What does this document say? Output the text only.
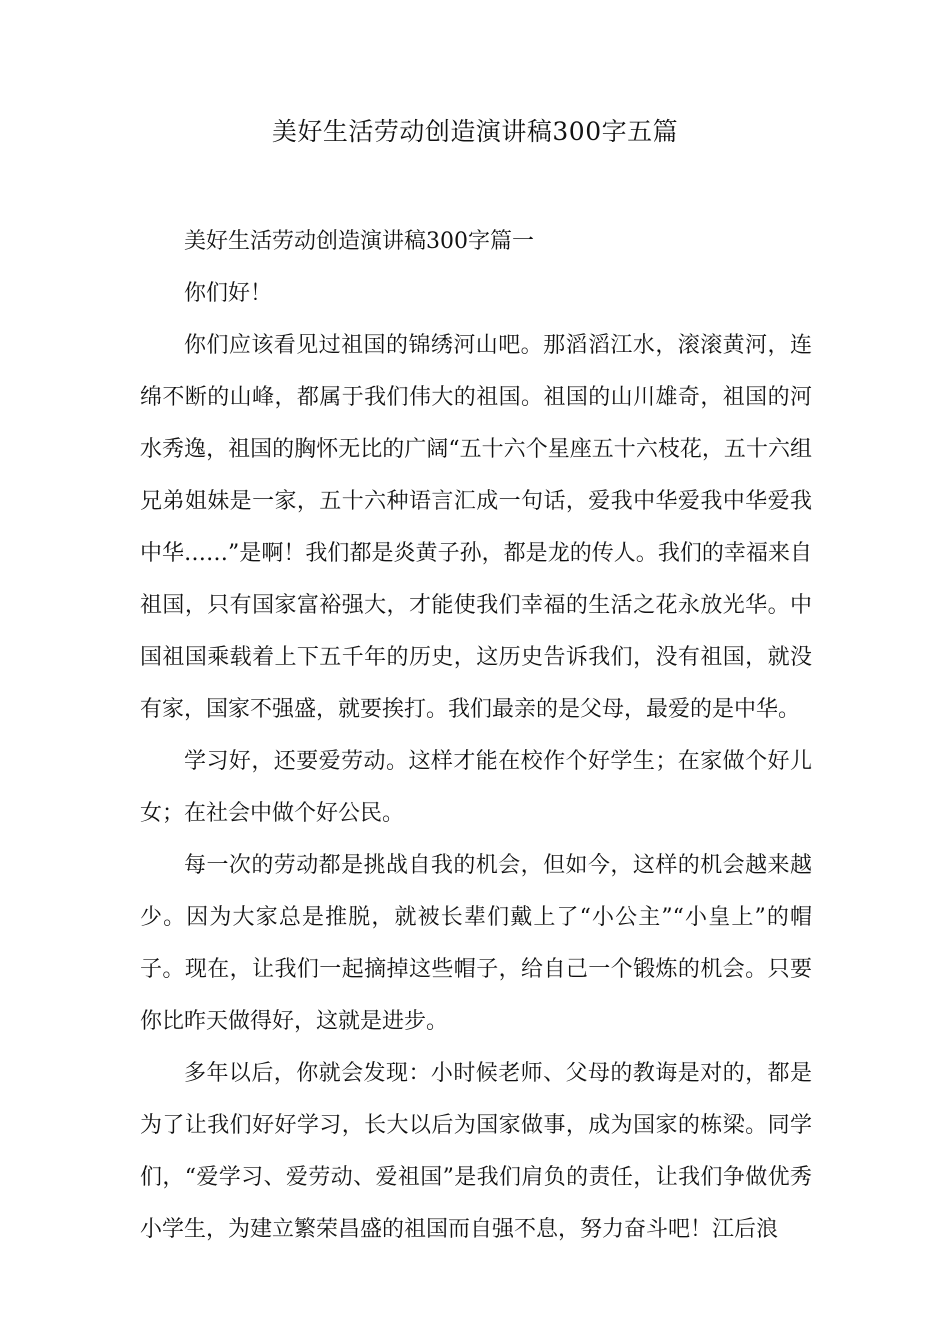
美好生活劳动创造演讲稿300字五篇

美好生活劳动创造演讲稿300字篇一

你们好！

你们应该看见过祖国的锦绣河山吧。那滔滔江水，滚滚黄河，连绵不断的山峰，都属于我们伟大的祖国。祖国的山川雄奇，祖国的河水秀逸，祖国的胸怀无比的广阔“五十六个星座五十六枝花，五十六组兄弟姐妹是一家，五十六种语言汇成一句话，爱我中华爱我中华爱我中华……”是啊！我们都是炎黄子孙，都是龙的传人。我们的幸福来自祖国，只有国家富裕强大，才能使我们幸福的生活之花永放光华。中国祖国乘载着上下五千年的历史，这历史告诉我们，没有祖国，就没有家，国家不强盛，就要挨打。我们最亲的是父母，最爱的是中华。

学习好，还要爱劳动。这样才能在校作个好学生；在家做个好儿女；在社会中做个好公民。

每一次的劳动都是挑战自我的机会，但如今，这样的机会越来越少。因为大家总是推脱，就被长辈们戴上了“小公主”“小皇上”的帽子。现在，让我们一起摘掉这些帽子，给自己一个锻炼的机会。只要你比昨天做得好，这就是进步。

多年以后，你就会发现：小时候老师、父母的教诲是对的，都是为了让我们好好学习，长大以后为国家做事，成为国家的栋梁。同学们，“爱学习、爱劳动、爱祖国”是我们肩负的责任，让我们争做优秀小学生，为建立繁荣昌盛的祖国而自强不息，努力奋斗吧！江后浪
